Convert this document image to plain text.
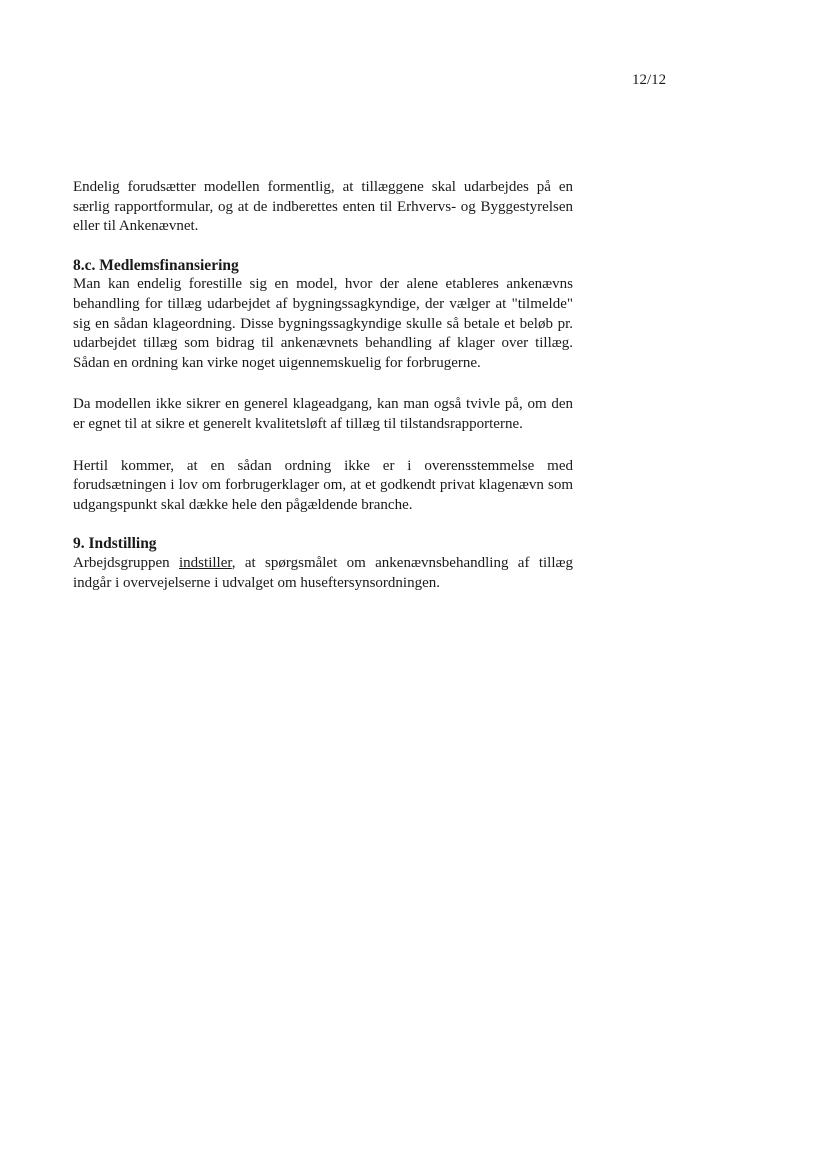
12/12

Endelig forudsætter modellen formentlig, at tillæggene skal udarbejdes på en særlig rapportformular, og at de indberettes enten til Erhvervs- og Byggestyrelsen eller til Ankenævnet.

8.c. Medlemsfinansiering

Man kan endelig forestille sig en model, hvor der alene etableres ankenævns behandling for tillæg udarbejdet af bygningssagkyndige, der vælger at "tilmelde" sig en sådan klageordning. Disse bygningssagkyndige skulle så betale et beløb pr. udarbejdet tillæg som bidrag til ankenævnets behandling af klager over tillæg. Sådan en ordning kan virke noget uigennemskuelig for forbrugerne.

Da modellen ikke sikrer en generel klageadgang, kan man også tvivle på, om den er egnet til at sikre et generelt kvalitetsløft af tillæg til tilstandsrapporterne.

Hertil kommer, at en sådan ordning ikke er i overensstemmelse med forudsætningen i lov om forbrugerklager om, at et godkendt privat klagenævn som udgangspunkt skal dække hele den pågældende branche.

9. Indstilling

Arbejdsgruppen indstiller, at spørgsmålet om ankenævnsbehandling af tillæg indgår i overvejelserne i udvalget om huseftersynsordningen.
